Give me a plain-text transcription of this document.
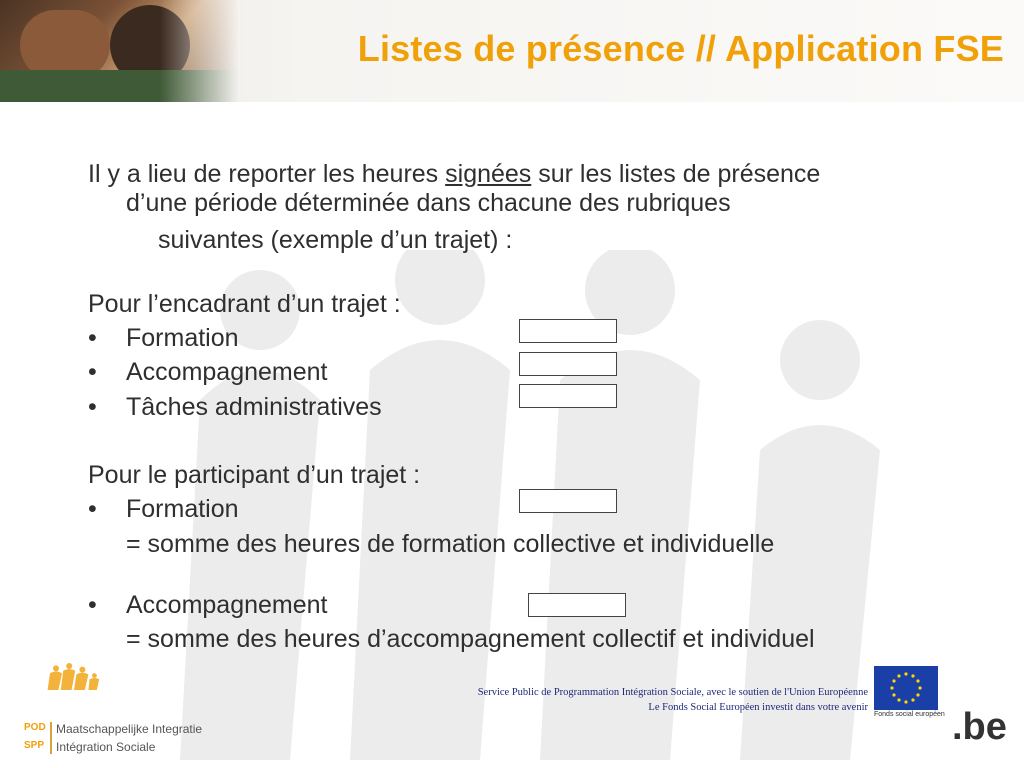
Listes de présence // Application FSE

Il y a lieu de reporter les heures signées sur les listes de présence
d’une période déterminée dans chacune des rubriques
suivantes (exemple d’un trajet) :

Pour l’encadrant d’un trajet :
• Formation
• Accompagnement
• Tâches administratives
Pour le participant d’un trajet :
• Formation
= somme des heures de formation collective et individuelle
• Accompagnement
= somme des heures d’accompagnement collectif et individuel
POD
SPP
Maatschappelijke Integratie
Intégration Sociale
Service Public de Programmation Intégration Sociale, avec le soutien de l'Union Européenne
Le Fonds Social Européen investit dans votre avenir
Fonds social européen .be
